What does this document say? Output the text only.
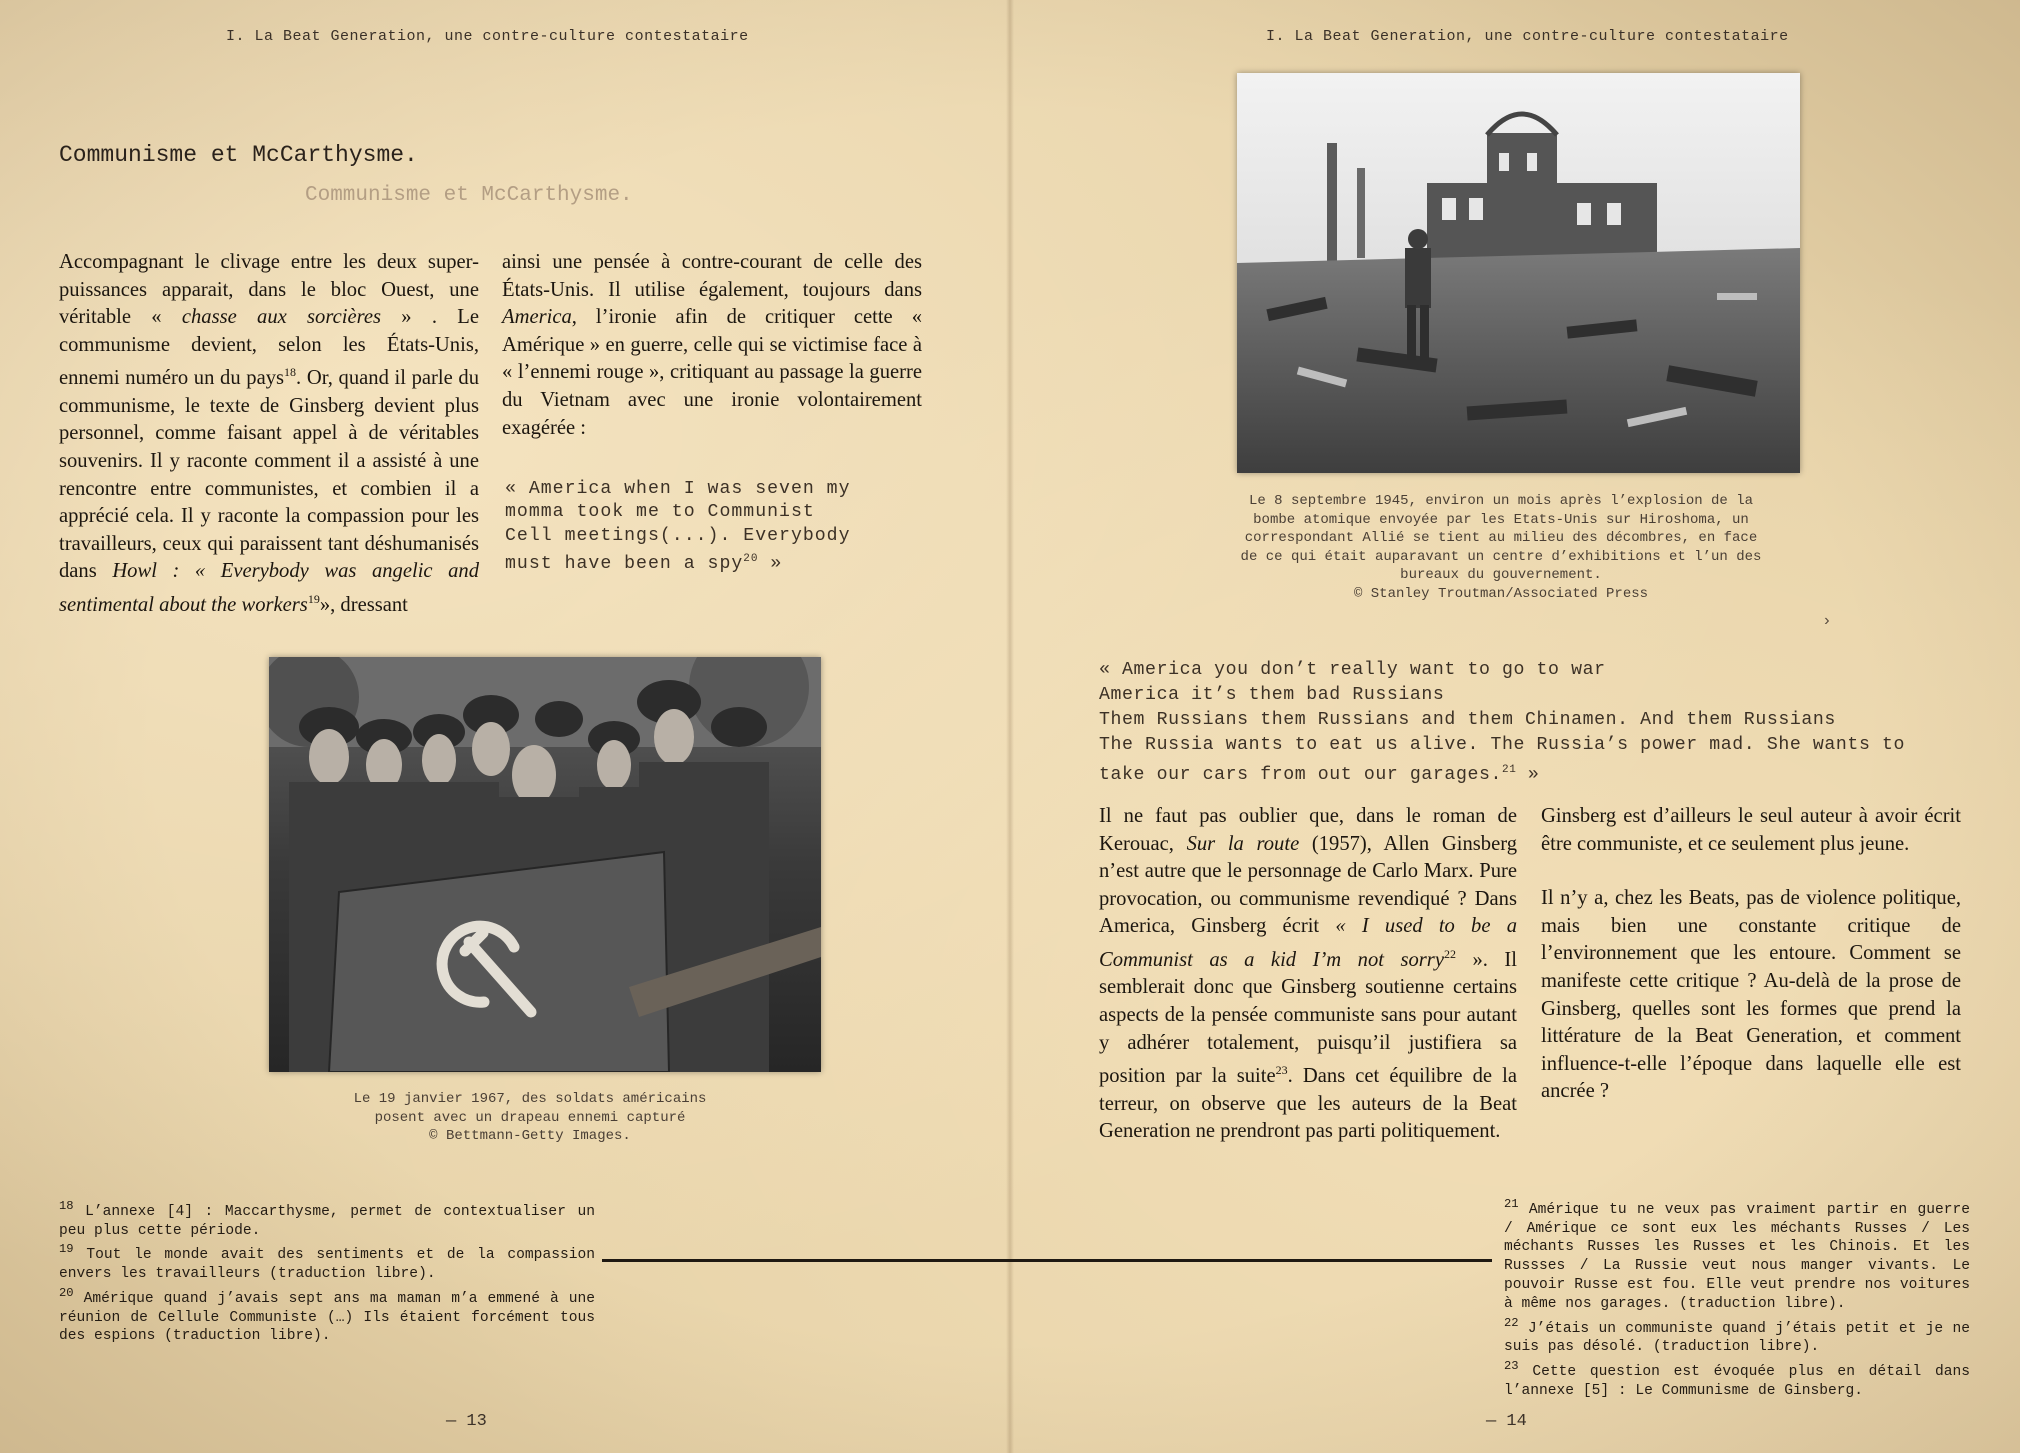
I. La Beat Generation, une contre-culture contestataire
Communisme et McCarthysme.
Communisme et McCarthysme.

Accompagnant le clivage entre les deux super-puissances apparait, dans le bloc Ouest, une véritable « chasse aux sorcières » . Le communisme devient, selon les États-Unis, ennemi numéro un du pays$^{18}$. Or, quand il parle du communisme, le texte de Ginsberg devient plus personnel, comme faisant appel à de véritables souvenirs. Il y raconte comment il a assisté à une rencontre entre communistes, et combien il a apprécié cela. Il y raconte la compassion pour les travailleurs, ceux qui paraissent tant déshumanisés dans Howl : « Everybody was angelic and sentimental about the workers$^{19}$», dressant

ainsi une pensée à contre-courant de celle des États-Unis. Il utilise également, toujours dans America, l’ironie afin de critiquer cette « Amérique » en guerre, celle qui se victimise face à « l’ennemi rouge », critiquant au passage la guerre du Vietnam avec une ironie volontairement exagérée :

« America when I was seven my
momma took me to Communist
Cell meetings(...). Everybody
must have been a spy$^{20}$ »
Le 19 janvier 1967, des soldats américains
posent avec un drapeau ennemi capturé
© Bettmann-Getty Images.

$^{18}$ L’annexe [4] : Maccarthysme, permet de contextualiser un peu plus cette période.

$^{19}$ Tout le monde avait des sentiments et de la compassion envers les travailleurs (traduction libre).

$^{20}$ Amérique quand j’avais sept ans ma maman m’a emmené à une réunion de Cellule Communiste (…) Ils étaient forcément tous des espions (traduction libre).

— 13
I. La Beat Generation, une contre-culture contestataire
Le 8 septembre 1945, environ un mois après l’explosion de la
bombe atomique envoyée par les Etats-Unis sur Hiroshoma, un
correspondant Allié se tient au milieu des décombres, en face
de ce qui était auparavant un centre d’exhibitions et l’un des
bureaux du gouvernement.
© Stanley Troutman/Associated Press
›
« America you don’t really want to go to war
America it’s them bad Russians
Them Russians them Russians and them Chinamen. And them Russians
The Russia wants to eat us alive. The Russia’s power mad. She wants to
take our cars from out our garages.$^{21}$ »

Il ne faut pas oublier que, dans le roman de Kerouac, Sur la route (1957), Allen Ginsberg n’est autre que le personnage de Carlo Marx. Pure provocation, ou communisme revendiqué ? Dans America, Ginsberg écrit « I used to be a Communist as a kid I’m not sorry$^{22}$ ». Il semblerait donc que Ginsberg soutienne certains aspects de la pensée communiste sans pour autant y adhérer totalement, puisqu’il justifiera sa position par la suite$^{23}$. Dans cet équilibre de la terreur, on observe que les auteurs de la Beat Generation ne prendront pas parti politiquement.

Ginsberg est d’ailleurs le seul auteur à avoir écrit être communiste, et ce seulement plus jeune.

Il n’y a, chez les Beats, pas de violence politique, mais bien une constante critique de l’environnement que les entoure. Comment se manifeste cette critique ? Au-delà de la prose de Ginsberg, quelles sont les formes que prend la littérature de la Beat Generation, et comment influence-t-elle l’époque dans laquelle elle est ancrée ?

$^{21}$ Amérique tu ne veux pas vraiment partir en guerre / Amérique ce sont eux les méchants Russes / Les méchants Russes les Russes et les Chinois. Et les Russses / La Russie veut nous manger vivants. Le pouvoir Russe est fou. Elle veut prendre nos voitures à même nos garages. (traduction libre).

$^{22}$ J’étais un communiste quand j’étais petit et je ne suis pas désolé. (traduction libre).

$^{23}$ Cette question est évoquée plus en détail dans l’annexe [5] : Le Communisme de Ginsberg.

— 14
